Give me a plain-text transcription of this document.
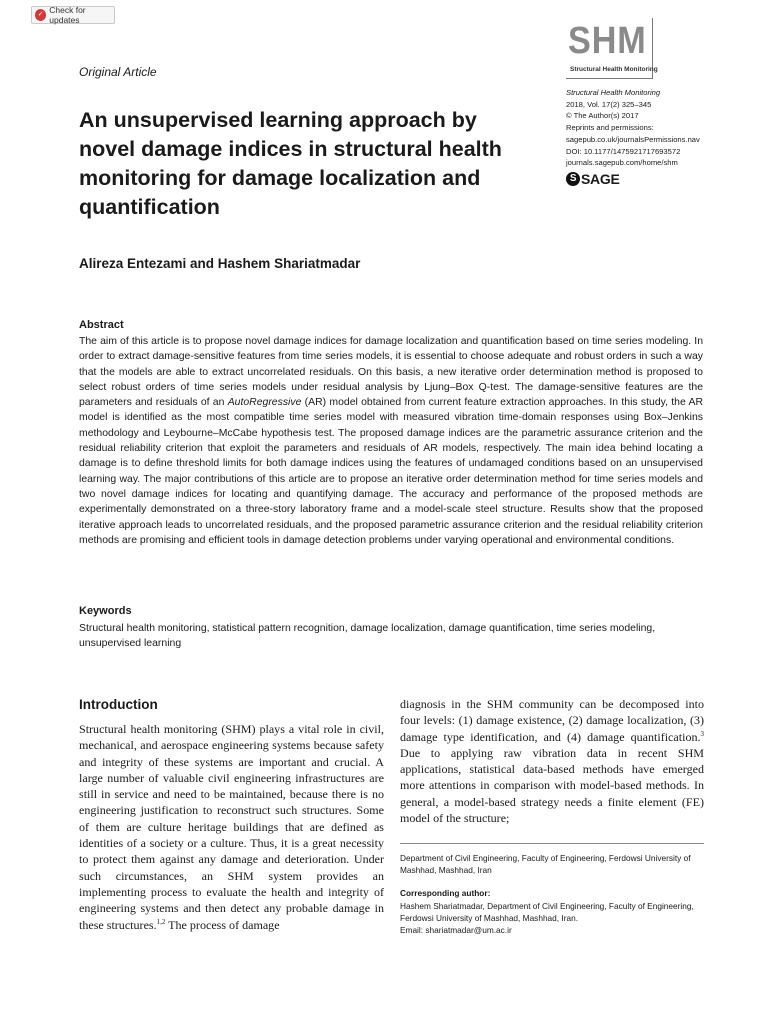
✓ Check for updates
Original Article
SHM
Structural Health Monitoring
Structural Health Monitoring
2018, Vol. 17(2) 325–345
© The Author(s) 2017
Reprints and permissions:
sagepub.co.uk/journalsPermissions.nav
DOI: 10.1177/1475921717693572
journals.sagepub.com/home/shm
S SAGE
An unsupervised learning approach by novel damage indices in structural health monitoring for damage localization and quantification
Alireza Entezami and Hashem Shariatmadar
Abstract

The aim of this article is to propose novel damage indices for damage localization and quantification based on time series modeling. In order to extract damage-sensitive features from time series models, it is essential to choose adequate and robust orders in such a way that the models are able to extract uncorrelated residuals. On this basis, a new iterative order determination method is proposed to select robust orders of time series models under residual analysis by Ljung–Box Q-test. The damage-sensitive features are the parameters and residuals of an AutoRegressive (AR) model obtained from current feature extraction approaches. In this study, the AR model is identified as the most compatible time series model with measured vibration time-domain responses using Box–Jenkins methodology and Leybourne–McCabe hypothesis test. The proposed damage indices are the parametric assurance criterion and the residual reliability criterion that exploit the parameters and residuals of AR models, respectively. The main idea behind locating a damage is to define threshold limits for both damage indices using the features of undamaged conditions based on an unsupervised learning way. The major contributions of this article are to propose an iterative order determination method for time series models and two novel damage indices for locating and quantifying damage. The accuracy and performance of the proposed methods are experimentally demonstrated on a three-story laboratory frame and a model-scale steel structure. Results show that the proposed iterative approach leads to uncorrelated residuals, and the proposed parametric assurance criterion and the residual reliability criterion methods are promising and efficient tools in damage detection problems under varying operational and environmental conditions.

Keywords

Structural health monitoring, statistical pattern recognition, damage localization, damage quantification, time series modeling, unsupervised learning

Introduction

Structural health monitoring (SHM) plays a vital role in civil, mechanical, and aerospace engineering systems because safety and integrity of these systems are important and crucial. A large number of valuable civil engineering infrastructures are still in service and need to be maintained, because there is no engineering justification to reconstruct such structures. Some of them are culture heritage buildings that are defined as identities of a society or a culture. Thus, it is a great necessity to protect them against any damage and deterioration. Under such circumstances, an SHM system provides an implementing process to evaluate the health and integrity of engineering systems and then detect any probable damage in these structures.$^{1,2}$ The process of damage

diagnosis in the SHM community can be decomposed into four levels: (1) damage existence, (2) damage localization, (3) damage type identification, and (4) damage quantification.$^3$ Due to applying raw vibration data in recent SHM applications, statistical data-based methods have emerged more attentions in comparison with model-based methods. In general, a model-based strategy needs a finite element (FE) model of the structure;

Department of Civil Engineering, Faculty of Engineering, Ferdowsi University of Mashhad, Mashhad, Iran

Corresponding author:
Hashem Shariatmadar, Department of Civil Engineering, Faculty of Engineering, Ferdowsi University of Mashhad, Mashhad, Iran.
Email: shariatmadar@um.ac.ir
